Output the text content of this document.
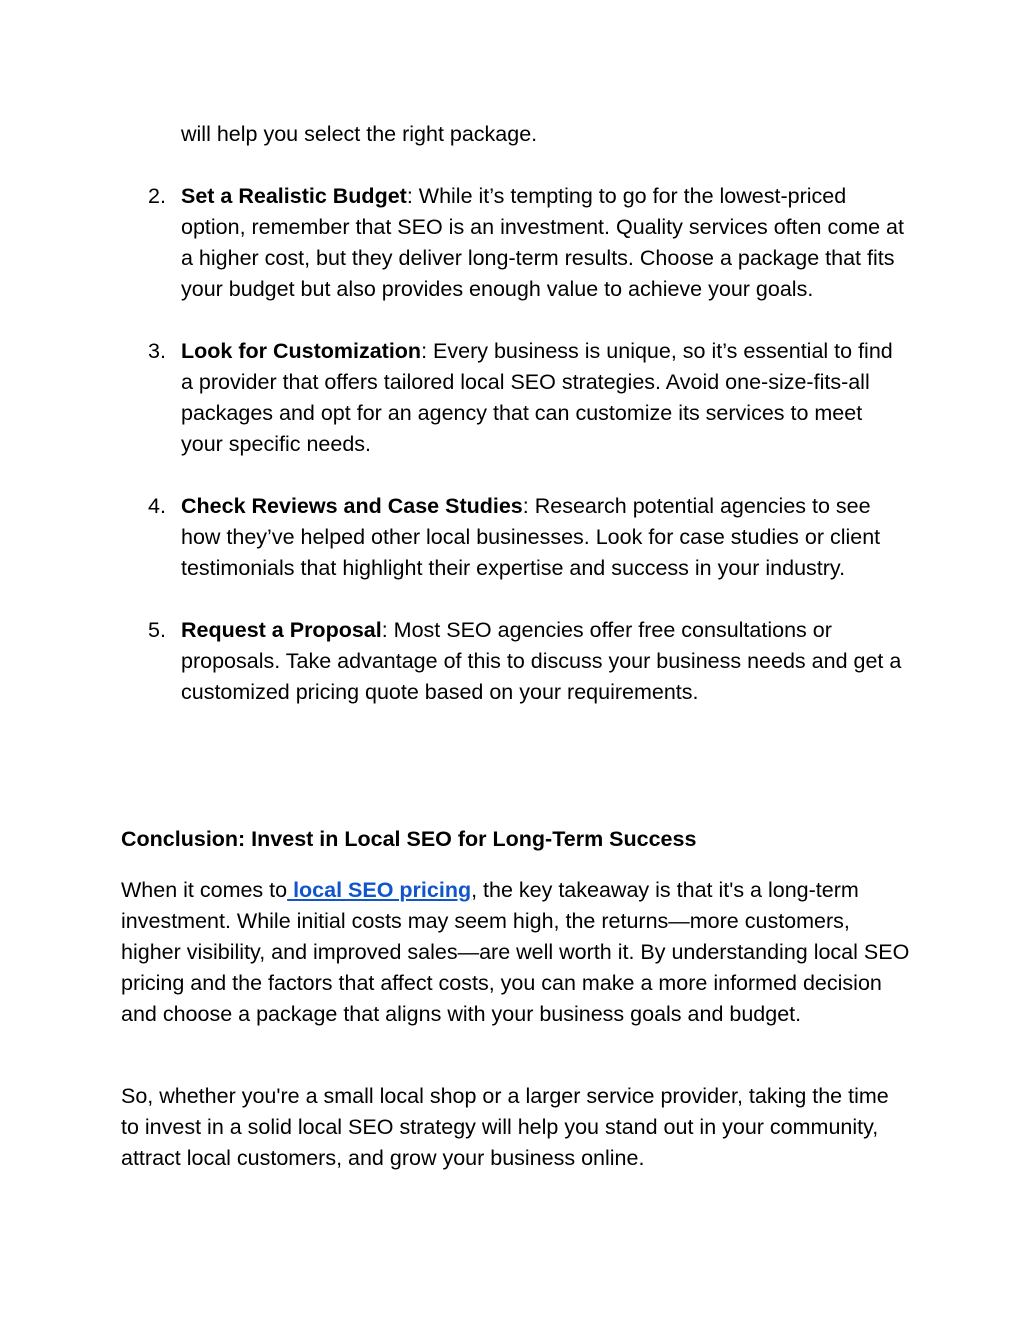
will help you select the right package.

2. Set a Realistic Budget: While it’s tempting to go for the lowest-priced option, remember that SEO is an investment. Quality services often come at a higher cost, but they deliver long-term results. Choose a package that fits your budget but also provides enough value to achieve your goals.
3. Look for Customization: Every business is unique, so it’s essential to find a provider that offers tailored local SEO strategies. Avoid one-size-fits-all packages and opt for an agency that can customize its services to meet your specific needs.
4. Check Reviews and Case Studies: Research potential agencies to see how they’ve helped other local businesses. Look for case studies or client testimonials that highlight their expertise and success in your industry.
5. Request a Proposal: Most SEO agencies offer free consultations or proposals. Take advantage of this to discuss your business needs and get a customized pricing quote based on your requirements.
Conclusion: Invest in Local SEO for Long-Term Success

When it comes to local SEO pricing, the key takeaway is that it's a long-term investment. While initial costs may seem high, the returns—more customers, higher visibility, and improved sales—are well worth it. By understanding local SEO pricing and the factors that affect costs, you can make a more informed decision and choose a package that aligns with your business goals and budget.

So, whether you're a small local shop or a larger service provider, taking the time to invest in a solid local SEO strategy will help you stand out in your community, attract local customers, and grow your business online.
